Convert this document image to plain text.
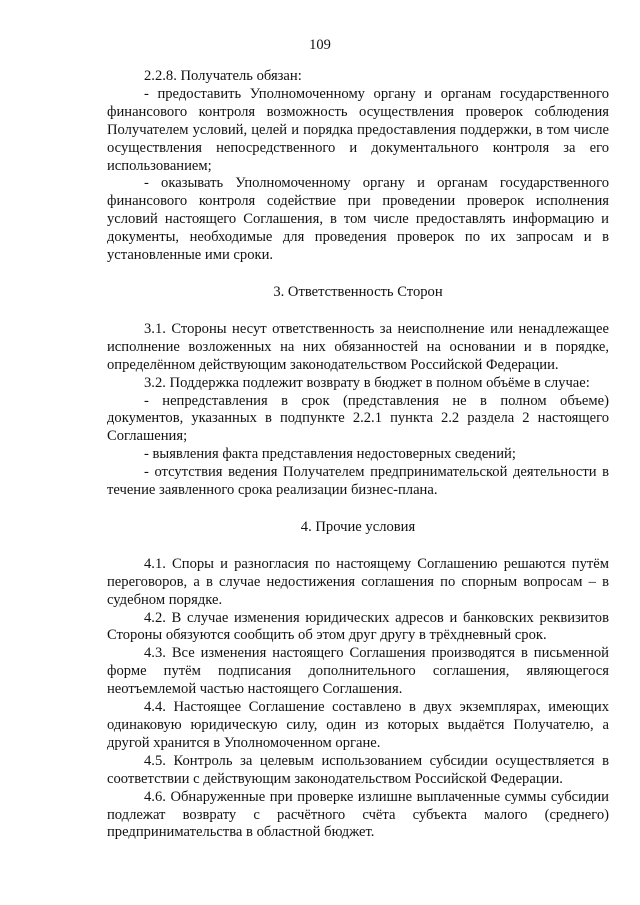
109

2.2.8. Получатель обязан:

- предоставить Уполномоченному органу и органам государственного финансового контроля возможность осуществления проверок соблюдения Получателем условий, целей и порядка предоставления поддержки, в том числе осуществления непосредственного и документального контроля за его использованием;

- оказывать Уполномоченному органу и органам государственного финансового контроля содействие при проведении проверок исполнения условий настоящего Соглашения, в том числе предоставлять информацию и документы, необходимые для проведения проверок по их запросам и в установленные ими сроки.

3. Ответственность Сторон

3.1. Стороны несут ответственность за неисполнение или ненадлежащее исполнение возложенных на них обязанностей на основании и в порядке, определённом действующим законодательством Российской Федерации.

3.2. Поддержка подлежит возврату в бюджет в полном объёме в случае:

- непредставления в срок (представления не в полном объеме) документов, указанных в подпункте 2.2.1 пункта 2.2 раздела 2 настоящего Соглашения;

- выявления факта представления недостоверных сведений;

- отсутствия ведения Получателем предпринимательской деятельности в течение заявленного срока реализации бизнес-плана.

4. Прочие условия

4.1. Споры и разногласия по настоящему Соглашению решаются путём переговоров, а в случае недостижения соглашения по спорным вопросам – в судебном порядке.

4.2. В случае изменения юридических адресов и банковских реквизитов Стороны обязуются сообщить об этом друг другу в трёхдневный срок.

4.3. Все изменения настоящего Соглашения производятся в письменной форме путём подписания дополнительного соглашения, являющегося неотъемлемой частью настоящего Соглашения.

4.4. Настоящее Соглашение составлено в двух экземплярах, имеющих одинаковую юридическую силу, один из которых выдаётся Получателю, а другой хранится в Уполномоченном органе.

4.5. Контроль за целевым использованием субсидии осуществляется в соответствии с действующим законодательством Российской Федерации.

4.6. Обнаруженные при проверке излишне выплаченные суммы субсидии подлежат возврату с расчётного счёта субъекта малого (среднего) предпринимательства в областной бюджет.
